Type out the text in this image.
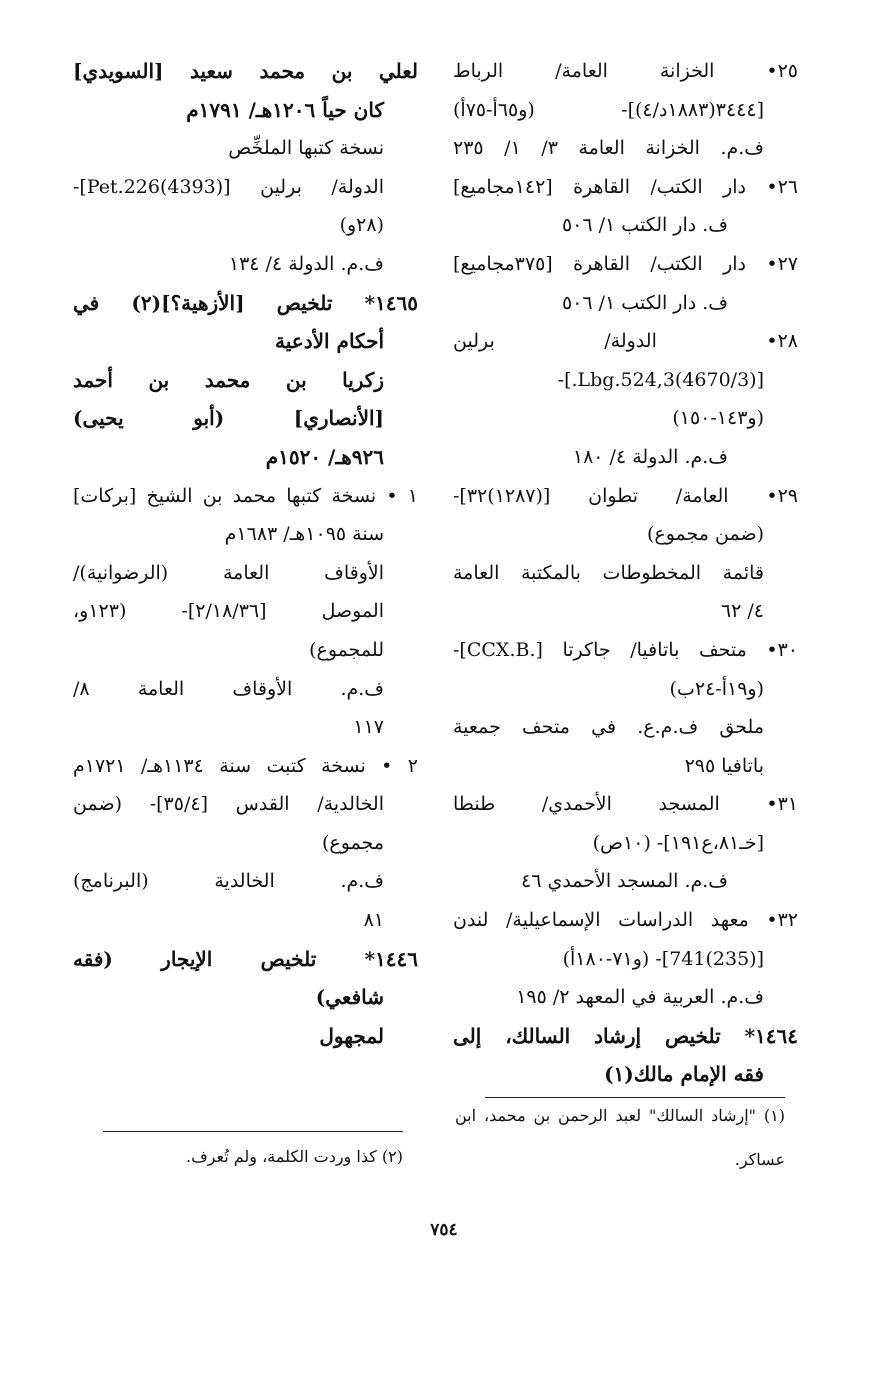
٢٥• الخزانة العامة/ الرباط
[٣٤٤٤(١٨٨٣د/٤)]- (و٦٥أ-٧٥أ)
ف.م. الخزانة العامة ٣/ ١/ ٢٣٥
٢٦• دار الكتب/ القاهرة [١٤٢مجاميع]
ف. دار الكتب ١/ ٥٠٦
٢٧• دار الكتب/ القاهرة [٣٧٥مجاميع]
ف. دار الكتب ١/ ٥٠٦
٢٨• الدولة/ برلين
[(4670/3)Lbg.524,3.]-
(و١٤٣-١٥٠)
ف.م. الدولة ٤/ ١٨٠
٢٩• العامة/ تطوان [(١٢٨٧)٣٢]-
(ضمن مجموع)
قائمة المخطوطات بالمكتبة العامة
٤/ ٦٢
٣٠• متحف باتافيا/ جاكرتا [.CCX.B]-
(و١٩أ-٢٤ب)
ملحق ف.م.ع. في متحف جمعية
باتافيا ٢٩٥
٣١• المسجد الأحمدي/ طنطا
[خـ٨١،ع١٩١]- (١٠ص)
ف.م. المسجد الأحمدي ٤٦
٣٢• معهد الدراسات الإسماعيلية/ لندن
[(235)741]- (و٧١-١٨٠أ)
ف.م. العربية في المعهد ٢/ ١٩٥
١٤٦٤* تلخيص إرشاد السالك، إلى
فقه الإمام مالك(١)
لعلي بن محمد سعيد [السويدي]
كان حياً ١٢٠٦هـ/ ١٧٩١م
نسخة كتبها الملخِّص
الدولة/ برلين [(4393)Pet.226]-
(٢٨و)
ف.م. الدولة ٤/ ١٣٤
١٤٦٥* تلخيص [الأزهية؟](٢) في
أحكام الأدعية
زكريا بن محمد بن أحمد
[الأنصاري] (أبو يحيى)
٩٢٦هـ/ ١٥٢٠م
١ • نسخة كتبها محمد بن الشيخ [بركات]
سنة ١٠٩٥هـ/ ١٦٨٣م
الأوقاف العامة (الرضوانية)/
الموصل [٢/١٨/٣٦]- (١٢٣و،
للمجموع)
ف.م. الأوقاف العامة ٨/
١١٧
٢ • نسخة كتبت سنة ١١٣٤هـ/ ١٧٢١م
الخالدية/ القدس [٣٥/٤]- (ضمن
مجموع)
ف.م. الخالدية (البرنامج)
٨١
١٤٤٦* تلخيص الإيجار (فقه
شافعي)
لمجهول
(١) "إرشاد السالك" لعبد الرحمن بن محمد، ابن
عساكر.
(٢) كذا وردت الكلمة، ولم تُعرف.
٧٥٤
